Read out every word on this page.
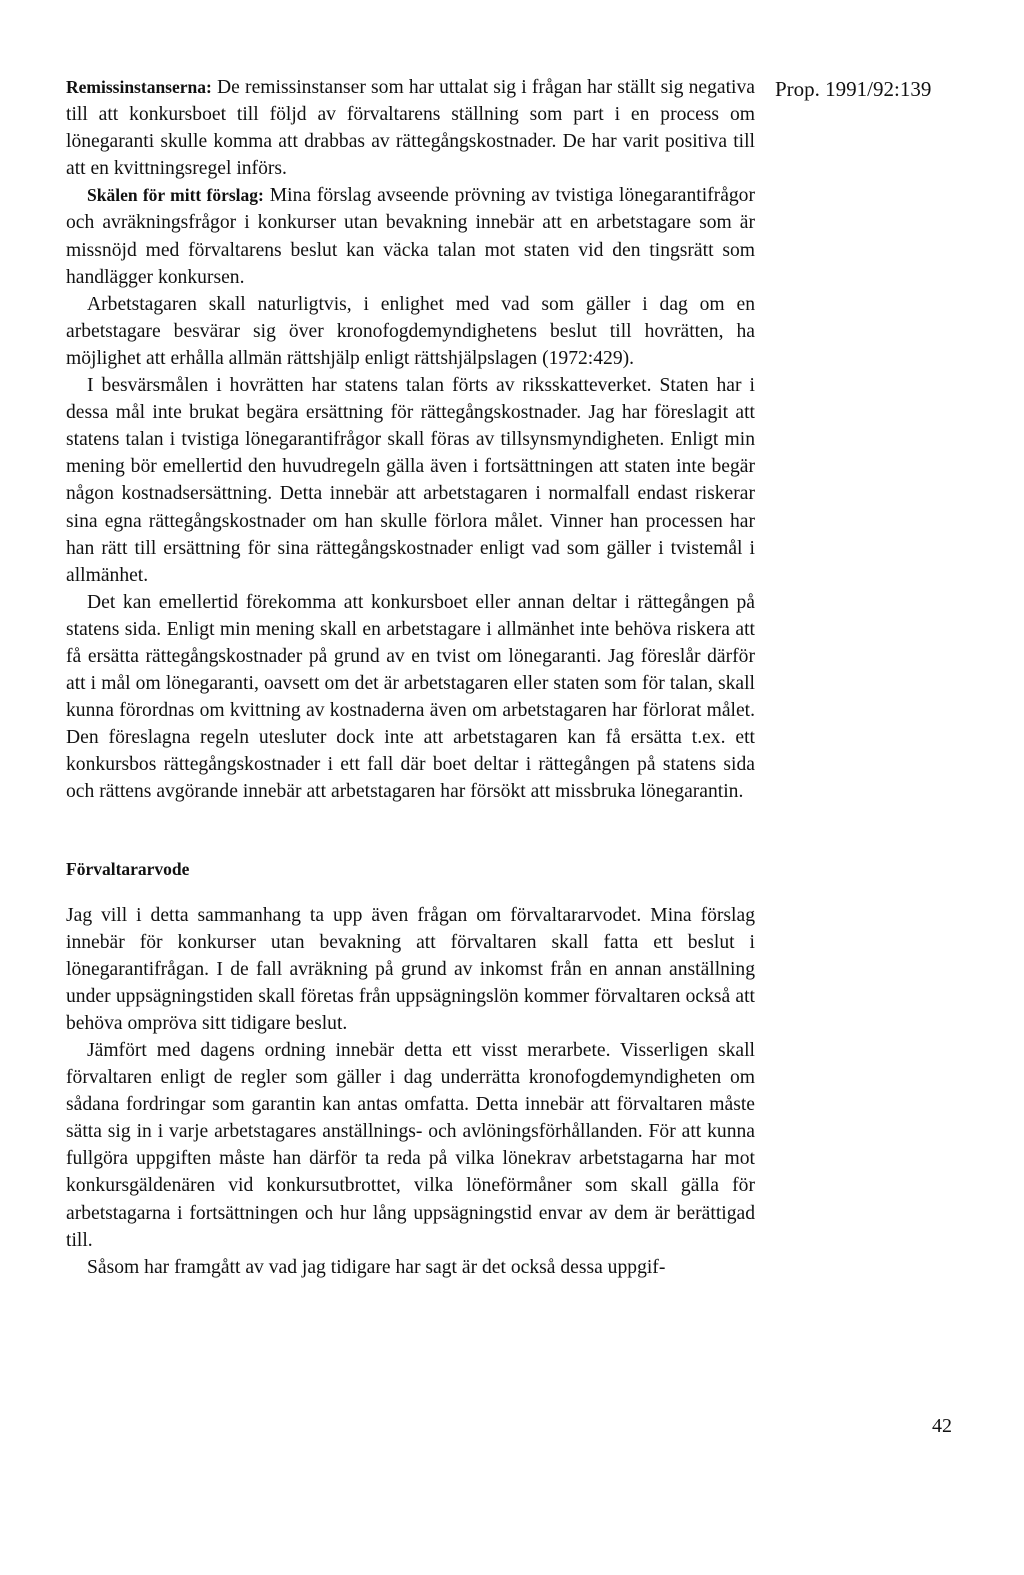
Prop. 1991/92:139

Remissinstanserna: De remissinstanser som har uttalat sig i frågan har ställt sig negativa till att konkursboet till följd av förvaltarens ställning som part i en process om lönegaranti skulle komma att drabbas av rättegångskostnader. De har varit positiva till att en kvittningsregel införs.

Skälen för mitt förslag: Mina förslag avseende prövning av tvistiga lönegarantifrågor och avräkningsfrågor i konkurser utan bevakning innebär att en arbetstagare som är missnöjd med förvaltarens beslut kan väcka talan mot staten vid den tingsrätt som handlägger konkursen.

Arbetstagaren skall naturligtvis, i enlighet med vad som gäller i dag om en arbetstagare besvärar sig över kronofogdemyndighetens beslut till hovrätten, ha möjlighet att erhålla allmän rättshjälp enligt rättshjälpslagen (1972:429).

I besvärsmålen i hovrätten har statens talan förts av riksskatteverket. Staten har i dessa mål inte brukat begära ersättning för rättegångskostnader. Jag har föreslagit att statens talan i tvistiga lönegarantifrågor skall föras av tillsynsmyndigheten. Enligt min mening bör emellertid den huvudregeln gälla även i fortsättningen att staten inte begär någon kostnadsersättning. Detta innebär att arbetstagaren i normalfall endast riskerar sina egna rättegångskostnader om han skulle förlora målet. Vinner han processen har han rätt till ersättning för sina rättegångskostnader enligt vad som gäller i tvistemål i allmänhet.

Det kan emellertid förekomma att konkursboet eller annan deltar i rättegången på statens sida. Enligt min mening skall en arbetstagare i allmänhet inte behöva riskera att få ersätta rättegångskostnader på grund av en tvist om lönegaranti. Jag föreslår därför att i mål om lönegaranti, oavsett om det är arbetstagaren eller staten som för talan, skall kunna förordnas om kvittning av kostnaderna även om arbetstagaren har förlorat målet. Den föreslagna regeln utesluter dock inte att arbetstagaren kan få ersätta t.ex. ett konkursbos rättegångskostnader i ett fall där boet deltar i rättegången på statens sida och rättens avgörande innebär att arbetstagaren har försökt att missbruka lönegarantin.

Förvaltararvode

Jag vill i detta sammanhang ta upp även frågan om förvaltararvodet. Mina förslag innebär för konkurser utan bevakning att förvaltaren skall fatta ett beslut i lönegarantifrågan. I de fall avräkning på grund av inkomst från en annan anställning under uppsägningstiden skall företas från uppsägningslön kommer förvaltaren också att behöva ompröva sitt tidigare beslut.

Jämfört med dagens ordning innebär detta ett visst merarbete. Visserligen skall förvaltaren enligt de regler som gäller i dag underrätta kronofogdemyndigheten om sådana fordringar som garantin kan antas omfatta. Detta innebär att förvaltaren måste sätta sig in i varje arbetstagares anställnings- och avlöningsförhållanden. För att kunna fullgöra uppgiften måste han därför ta reda på vilka lönekrav arbetstagarna har mot konkursgäldenären vid konkursutbrottet, vilka löneförmåner som skall gälla för arbetstagarna i fortsättningen och hur lång uppsägningstid envar av dem är berättigad till.

Såsom har framgått av vad jag tidigare har sagt är det också dessa uppgif-

42
